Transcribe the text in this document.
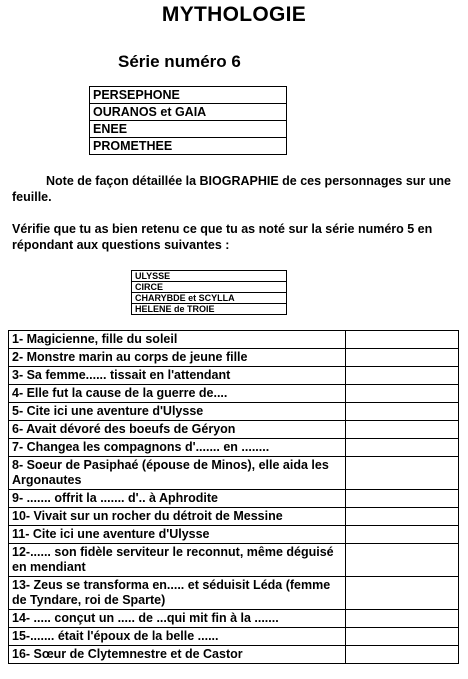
MYTHOLOGIE
Série numéro 6
PERSEPHONE
OURANOS et GAIA
ENEE
PROMETHEE
Note de façon détaillée la BIOGRAPHIE de ces personnages sur une feuille.
Vérifie que tu as bien retenu ce que tu as noté sur la série numéro 5 en répondant aux questions suivantes :
ULYSSE
CIRCE
CHARYBDE et SCYLLA
HELENE de TROIE
1- Magicienne, fille du soleil	
2- Monstre marin au corps de jeune fille	
3- Sa femme...... tissait en l'attendant	
4- Elle fut la cause de la guerre de....	
5- Cite ici une aventure d'Ulysse	
6- Avait dévoré des boeufs de Géryon	
7- Changea les compagnons d'....... en ........	
8- Soeur de Pasiphaé (épouse de Minos), elle aida les Argonautes	
9- ....... offrit la ....... d'.. à Aphrodite	
10- Vivait sur un rocher du détroit de Messine	
11- Cite ici une aventure d'Ulysse	
12-...... son fidèle serviteur le reconnut, même déguisé en mendiant	
13- Zeus se transforma en..... et séduisit Léda (femme de Tyndare, roi de Sparte)	
14- ..... conçut un ..... de ...qui mit fin à la .......	
15-....... était l'époux de la belle ......	
16- Sœur de Clytemnestre et de Castor	
